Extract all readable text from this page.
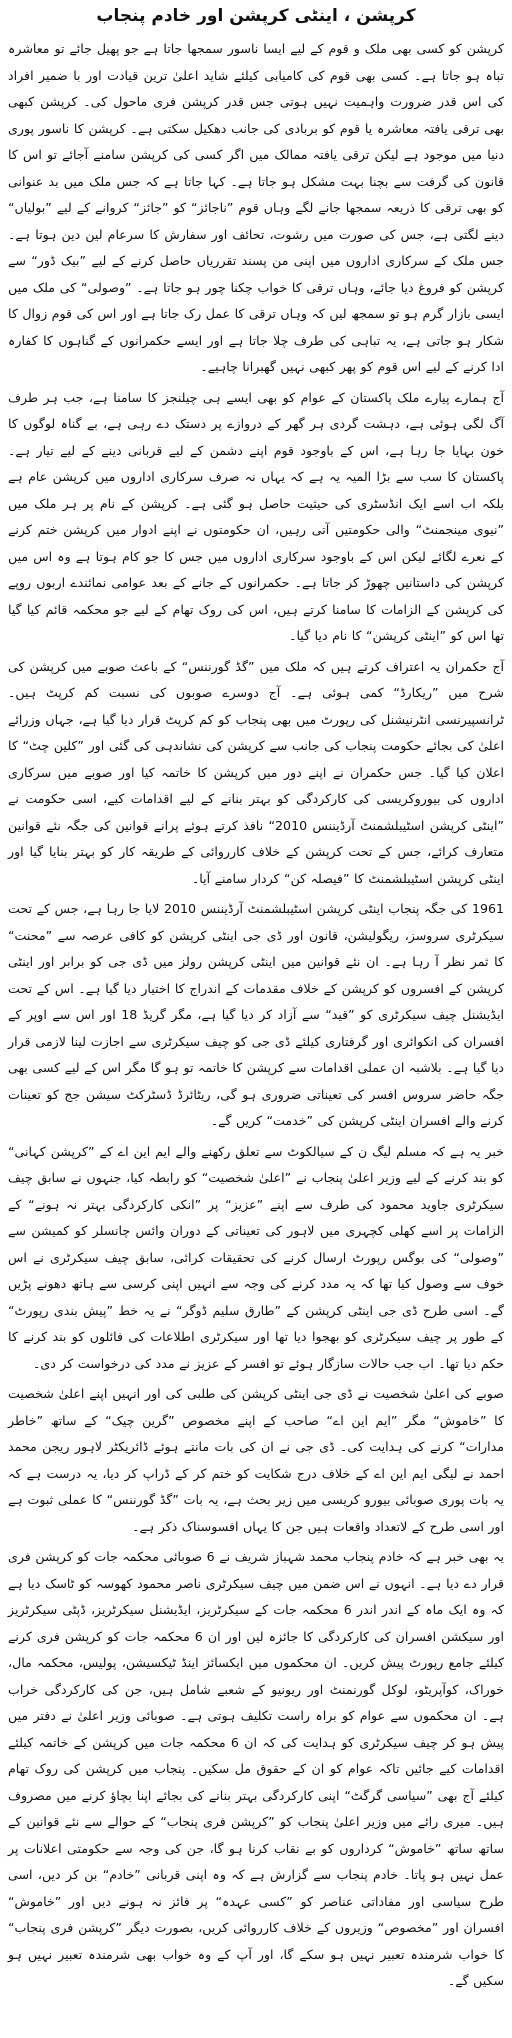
کرپشن ، اینٹی کرپشن اور خادم پنجاب

کرپشن کو کسی بھی ملک و قوم کے لیے ایسا ناسور سمجھا جاتا ہے جو پھیل جائے تو معاشرہ تباہ ہو جاتا ہے۔ کسی بھی قوم کی کامیابی کیلئے شاید اعلیٰ ترین قیادت اور با ضمیر افراد کی اس قدر ضرورت واہمیت نہیں ہوتی جس قدر کرپشن فری ماحول کی۔ کرپشن کبھی بھی ترقی یافتہ معاشرہ یا قوم کو بربادی کی جانب دھکیل سکتی ہے۔ کرپشن کا ناسور پوری دنیا میں موجود ہے لیکن ترقی یافتہ ممالک میں اگر کسی کی کرپشن سامنے آجائے تو اس کا قانون کی گرفت سے بچنا بہت مشکل ہو جاتا ہے۔ کہا جاتا ہے کہ جس ملک میں بد عنوانی کو بھی ترقی کا ذریعہ سمجھا جانے لگے وہاں قوم ”ناجائز“ کو ”جائز“ کروانے کے لیے ”بولیاں“ دینے لگتی ہے، جس کی صورت میں رشوت، تحائف اور سفارش کا سرعام لین دین ہوتا ہے۔ جس ملک کے سرکاری اداروں میں اپنی من پسند تقرریاں حاصل کرنے کے لیے ”بیک ڈور“ سے کرپشن کو فروغ دیا جائے، وہاں ترقی کا خواب چکنا چور ہو جاتا ہے۔ ”وصولی“ کی ملک میں ایسی بازار گرم ہو تو سمجھ لیں کہ وہاں ترقی کا عمل رک جاتا ہے اور اس کی قوم زوال کا شکار ہو جاتی ہے، یہ تباہی کی طرف چلا جاتا ہے اور ایسے حکمرانوں کے گناہوں کا کفارہ ادا کرنے کے لیے اس قوم کو پھر کبھی نہیں گھبرانا چاہیے۔

آج ہمارے پیارے ملک پاکستان کے عوام کو بھی ایسے ہی چیلنجز کا سامنا ہے، جب ہر طرف آگ لگی ہوئی ہے، دہشت گردی ہر گھر کے دروازے پر دستک دے رہی ہے، بے گناہ لوگوں کا خون بہایا جا رہا ہے، اس کے باوجود قوم اپنے دشمن کے لیے قربانی دینے کے لیے تیار ہے۔ پاکستان کا سب سے بڑا المیہ یہ ہے کہ یہاں نہ صرف سرکاری اداروں میں کرپشن عام ہے بلکہ اب اسے ایک انڈسٹری کی حیثیت حاصل ہو گئی ہے۔ کرپشن کے نام پر ہر ملک میں ”نیوی مینجمنٹ“ والی حکومتیں آتی رہیں، ان حکومتوں نے اپنے ادوار میں کرپشن ختم کرنے کے نعرے لگائے لیکن اس کے باوجود سرکاری اداروں میں جس کا جو کام ہوتا ہے وہ اس میں کرپشن کی داستانیں چھوڑ کر جاتا ہے۔ حکمرانوں کے جانے کے بعد عوامی نمائندے اربوں روپے کی کرپشن کے الزامات کا سامنا کرتے ہیں، اس کی روک تھام کے لیے جو محکمہ قائم کیا گیا تھا اس کو ”اینٹی کرپشن“ کا نام دیا گیا۔

آج حکمران یہ اعتراف کرتے ہیں کہ ملک میں ”گڈ گورننس“ کے باعث صوبے میں کرپشن کی شرح میں ”ریکارڈ“ کمی ہوئی ہے۔ آج دوسرے صوبوں کی نسبت کم کرپٹ ہیں۔ ٹرانسپیرنسی انٹرنیشنل کی رپورٹ میں بھی پنجاب کو کم کرپٹ قرار دیا گیا ہے، جہاں وزرائے اعلیٰ کی بجائے حکومت پنجاب کی جانب سے کرپشن کی نشاندہی کی گئی اور ”کلین چٹ“ کا اعلان کیا گیا۔ جس حکمران نے اپنے دور میں کرپشن کا خاتمہ کیا اور صوبے میں سرکاری اداروں کی بیوروکریسی کی کارکردگی کو بہتر بنانے کے لیے اقدامات کیے، اسی حکومت نے ”اینٹی کرپشن اسٹیبلشمنٹ آرڈیننس 2010“ نافذ کرتے ہوئے پرانے قوانین کی جگہ نئے قوانین متعارف کرائے، جس کے تحت کرپشن کے خلاف کارروائی کے طریقہ کار کو بہتر بنایا گیا اور اینٹی کرپشن اسٹیبلشمنٹ کا ”فیصلہ کن“ کردار سامنے آیا۔

1961 کی جگہ پنجاب اینٹی کرپشن اسٹیبلشمنٹ آرڈیننس 2010 لایا جا رہا ہے، جس کے تحت سیکرٹری سروسز، ریگولیشن، قانون اور ڈی جی اینٹی کرپشن کو کافی عرصہ سے ”محنت“ کا ثمر نظر آ رہا ہے۔ ان نئے قوانین میں اینٹی کرپشن رولز میں ڈی جی کو برابر اور اینٹی کرپشن کے افسروں کو کرپشن کے خلاف مقدمات کے اندراج کا اختیار دیا گیا ہے۔ اس کے تحت ایڈیشنل چیف سیکرٹری کو ”قید“ سے آزاد کر دیا گیا ہے، مگر گریڈ 18 اور اس سے اوپر کے افسران کی انکوائری اور گرفتاری کیلئے ڈی جی کو چیف سیکرٹری سے اجازت لینا لازمی قرار دیا گیا ہے۔ بلاشبہ ان عملی اقدامات سے کرپشن کا خاتمہ تو ہو گا مگر اس کے لیے کسی بھی جگہ حاضر سروس افسر کی تعیناتی ضروری ہو گی، ریٹائرڈ ڈسٹرکٹ سیشن جج کو تعینات کرنے والے افسران اینٹی کرپشن کی ”خدمت“ کریں گے۔

خبر یہ ہے کہ مسلم لیگ ن کے سیالکوٹ سے تعلق رکھنے والے ایم این اے کے ”کرپشن کہانی“ کو بند کرنے کے لیے وزیر اعلیٰ پنجاب نے ”اعلیٰ شخصیت“ کو رابطہ کیا، جنہوں نے سابق چیف سیکرٹری جاوید محمود کی طرف سے اپنے ”عزیز“ پر ”انکی کارکردگی بہتر نہ ہونے“ کے الزامات پر اسے کھلی کچہری میں لاہور کی تعیناتی کے دوران وائس چانسلر کو کمیشن سے ”وصولی“ کی بوگس رپورٹ ارسال کرنے کی تحقیقات کرائی، سابق چیف سیکرٹری نے اس خوف سے وصول کیا تھا کہ یہ مدد کرنے کی وجہ سے انہیں اپنی کرسی سے ہاتھ دھونے پڑیں گے۔ اسی طرح ڈی جی اینٹی کرپشن کے ”طارق سلیم ڈوگر“ نے یہ خط ”پیش بندی رپورٹ“ کے طور پر چیف سیکرٹری کو بھجوا دیا تھا اور سیکرٹری اطلاعات کی فائلوں کو بند کرنے کا حکم دیا تھا۔ اب جب حالات سازگار ہوئے تو افسر کے عزیز نے مدد کی درخواست کر دی۔

صوبے کی اعلیٰ شخصیت نے ڈی جی اینٹی کرپشن کی طلبی کی اور انہیں اپنے اعلیٰ شخصیت کا ”خاموش“ مگر ”ایم این اے“ صاحب کے اپنے مخصوص ”گرین چیک“ کے ساتھ ”خاطر مدارات“ کرنے کی ہدایت کی۔ ڈی جی نے ان کی بات مانتے ہوئے ڈائریکٹر لاہور ریجن محمد احمد نے لیگی ایم این اے کے خلاف درج شکایت کو ختم کر کے ڈراپ کر دیا، یہ درست ہے کہ یہ بات پوری صوبائی بیورو کریسی میں زیر بحث ہے، یہ بات ”گڈ گورننس“ کا عملی ثبوت ہے اور اسی طرح کے لاتعداد واقعات ہیں جن کا یہاں افسوسناک ذکر ہے۔

یہ بھی خبر ہے کہ خادم پنجاب محمد شہباز شریف نے 6 صوبائی محکمہ جات کو کرپشن فری قرار دے دیا ہے۔ انہوں نے اس ضمن میں چیف سیکرٹری ناصر محمود کھوسہ کو ٹاسک دیا ہے کہ وہ ایک ماہ کے اندر اندر 6 محکمہ جات کے سیکرٹریز، ایڈیشنل سیکرٹریز، ڈپٹی سیکرٹریز اور سیکشن افسران کی کارکردگی کا جائزہ لیں اور ان 6 محکمہ جات کو کرپشن فری کرنے کیلئے جامع رپورٹ پیش کریں۔ ان محکموں میں ایکسائز اینڈ ٹیکسیشن، پولیس، محکمہ مال، خوراک، کوآپریٹو، لوکل گورنمنٹ اور ریونیو کے شعبے شامل ہیں، جن کی کارکردگی خراب ہے۔ ان محکموں سے عوام کو براہ راست تکلیف ہوتی ہے۔ صوبائی وزیر اعلیٰ نے دفتر میں پیش ہو کر چیف سیکرٹری کو ہدایت کی کہ ان 6 محکمہ جات میں کرپشن کے خاتمہ کیلئے اقدامات کیے جائیں تاکہ عوام کو ان کے حقوق مل سکیں۔ پنجاب میں کرپشن کی روک تھام کیلئے آج بھی ”سیاسی گرگٹ“ اپنی کارکردگی بہتر بنانے کی بجائے اپنا بچاؤ کرنے میں مصروف ہیں۔ میری رائے میں وزیر اعلیٰ پنجاب کو ”کرپشن فری پنجاب“ کے حوالے سے نئے قوانین کے ساتھ ساتھ ”خاموش“ کرداروں کو بے نقاب کرنا ہو گا، جن کی وجہ سے حکومتی اعلانات پر عمل نہیں ہو پاتا۔ خادم پنجاب سے گزارش ہے کہ وہ اپنی قربانی ”خادم“ بن کر دیں، اسی طرح سیاسی اور مفاداتی عناصر کو ”کسی عہدہ“ پر فائز نہ ہونے دیں اور ”خاموش“ افسران اور ”مخصوص“ وزیروں کے خلاف کارروائی کریں، بصورت دیگر ”کرپشن فری پنجاب“ کا خواب شرمندہ تعبیر نہیں ہو سکے گا، اور آپ کے وہ خواب بھی شرمندہ تعبیر نہیں ہو سکیں گے۔
